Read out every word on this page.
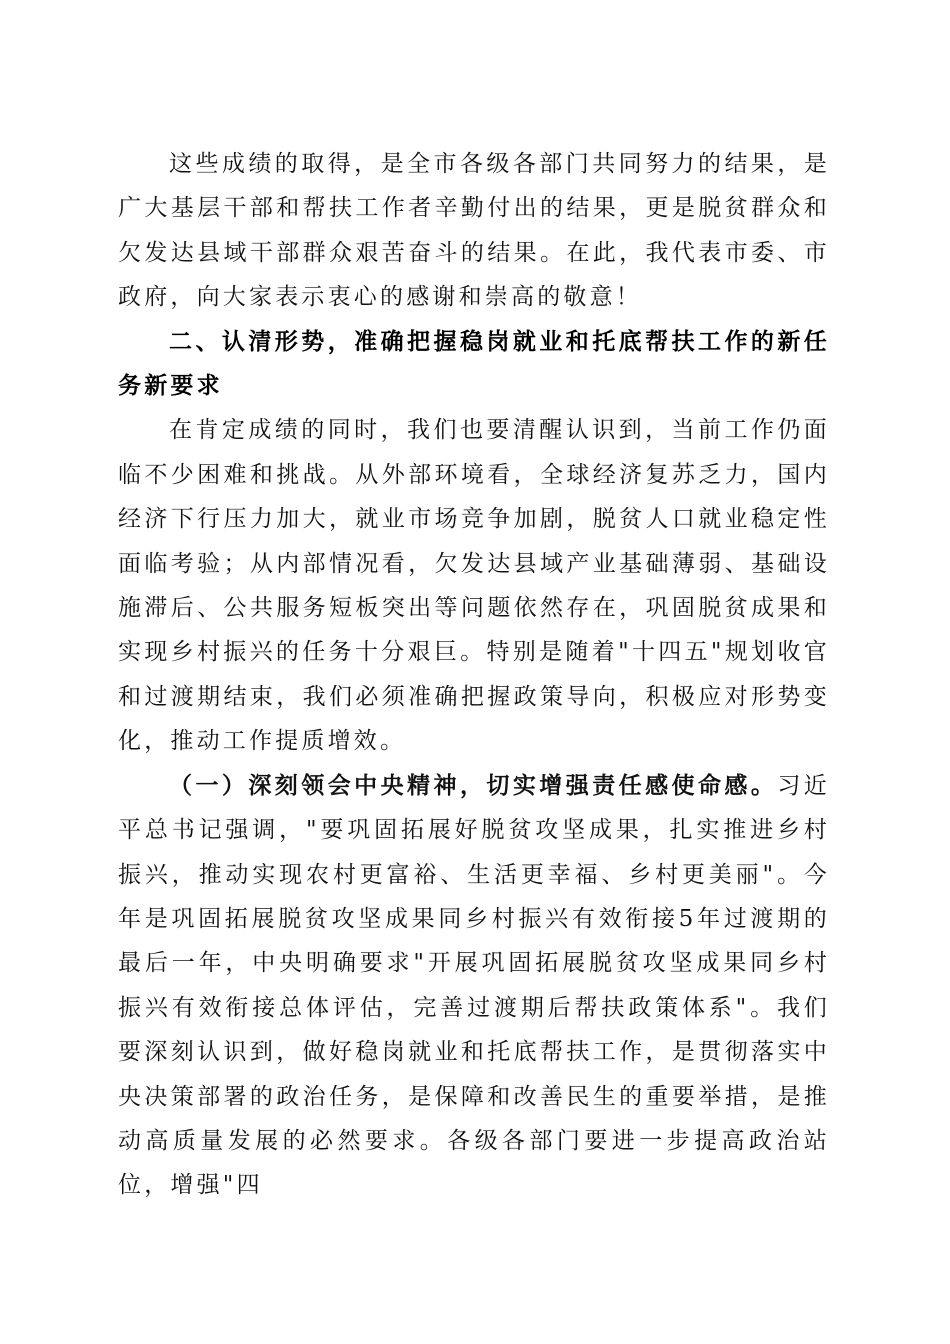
这些成绩的取得，是全市各级各部门共同努力的结果，是广大基层干部和帮扶工作者辛勤付出的结果，更是脱贫群众和欠发达县域干部群众艰苦奋斗的结果。在此，我代表市委、市政府，向大家表示衷心的感谢和崇高的敬意！

二、认清形势，准确把握稳岗就业和托底帮扶工作的新任务新要求

在肯定成绩的同时，我们也要清醒认识到，当前工作仍面临不少困难和挑战。从外部环境看，全球经济复苏乏力，国内经济下行压力加大，就业市场竞争加剧，脱贫人口就业稳定性面临考验；从内部情况看，欠发达县域产业基础薄弱、基础设施滞后、公共服务短板突出等问题依然存在，巩固脱贫成果和实现乡村振兴的任务十分艰巨。特别是随着"十四五"规划收官和过渡期结束，我们必须准确把握政策导向，积极应对形势变化，推动工作提质增效。

（一）深刻领会中央精神，切实增强责任感使命感。习近平总书记强调，"要巩固拓展好脱贫攻坚成果，扎实推进乡村振兴，推动实现农村更富裕、生活更幸福、乡村更美丽"。今年是巩固拓展脱贫攻坚成果同乡村振兴有效衔接5年过渡期的最后一年，中央明确要求"开展巩固拓展脱贫攻坚成果同乡村振兴有效衔接总体评估，完善过渡期后帮扶政策体系"。我们要深刻认识到，做好稳岗就业和托底帮扶工作，是贯彻落实中央决策部署的政治任务，是保障和改善民生的重要举措，是推动高质量发展的必然要求。各级各部门要进一步提高政治站位，增强"四
